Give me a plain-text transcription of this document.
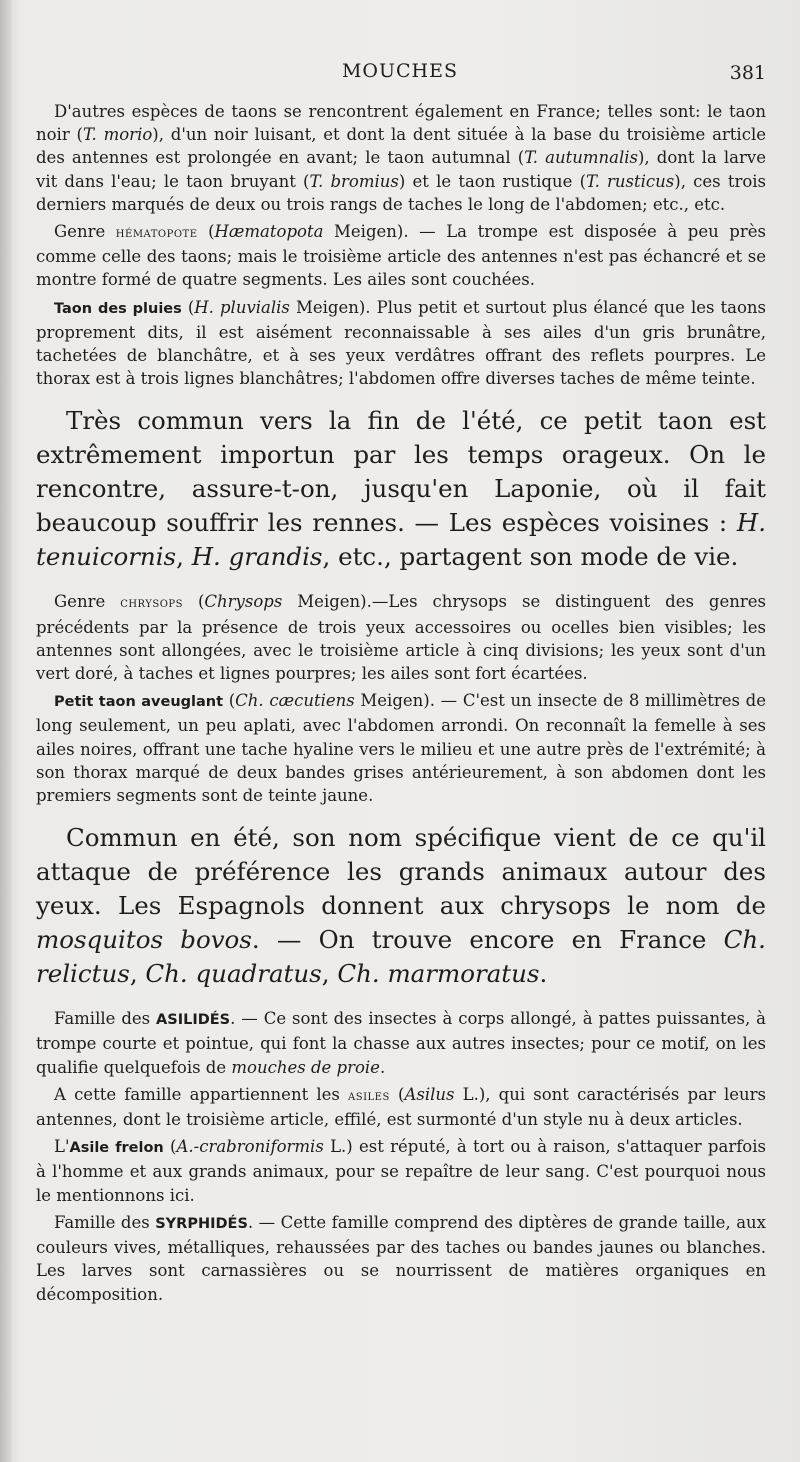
MOUCHES	381

D'autres espèces de taons se rencontrent également en France; telles sont: le taon noir (T. morio), d'un noir luisant, et dont la dent située à la base du troisième article des antennes est prolongée en avant; le taon autumnal (T. autumnalis), dont la larve vit dans l'eau; le taon bruyant (T. bromius) et le taon rustique (T. rusticus), ces trois derniers marqués de deux ou trois rangs de taches le long de l'abdomen; etc., etc.

Genre hématopote (Hæmatopota Meigen). — La trompe est disposée à peu près comme celle des taons; mais le troisième article des antennes n'est pas échancré et se montre formé de quatre segments. Les ailes sont couchées.

Taon des pluies (H. pluvialis Meigen). Plus petit et surtout plus élancé que les taons proprement dits, il est aisément reconnaissable à ses ailes d'un gris brunâtre, tachetées de blanchâtre, et à ses yeux verdâtres offrant des reflets pourpres. Le thorax est à trois lignes blanchâtres; l'abdomen offre diverses taches de même teinte.

Très commun vers la fin de l'été, ce petit taon est extrêmement importun par les temps orageux. On le rencontre, assure-t-on, jusqu'en Laponie, où il fait beaucoup souffrir les rennes. — Les espèces voisines : H. tenuicornis, H. grandis, etc., partagent son mode de vie.

Genre chrysops (Chrysops Meigen).—Les chrysops se distinguent des genres précédents par la présence de trois yeux accessoires ou ocelles bien visibles; les antennes sont allongées, avec le troisième article à cinq divisions; les yeux sont d'un vert doré, à taches et lignes pourpres; les ailes sont fort écartées.

Petit taon aveuglant (Ch. cæcutiens Meigen). — C'est un insecte de 8 millimètres de long seulement, un peu aplati, avec l'abdomen arrondi. On reconnaît la femelle à ses ailes noires, offrant une tache hyaline vers le milieu et une autre près de l'extrémité; à son thorax marqué de deux bandes grises antérieurement, à son abdomen dont les premiers segments sont de teinte jaune.

Commun en été, son nom spécifique vient de ce qu'il attaque de préférence les grands animaux autour des yeux. Les Espagnols donnent aux chrysops le nom de mosquitos bovos. — On trouve encore en France Ch. relictus, Ch. quadratus, Ch. marmoratus.

Famille des ASILIDÉS. — Ce sont des insectes à corps allongé, à pattes puissantes, à trompe courte et pointue, qui font la chasse aux autres insectes; pour ce motif, on les qualifie quelquefois de mouches de proie.

A cette famille appartiennent les asiles (Asilus L.), qui sont caractérisés par leurs antennes, dont le troisième article, effilé, est surmonté d'un style nu à deux articles.

L'Asile frelon (A.-crabroniformis L.) est réputé, à tort ou à raison, s'attaquer parfois à l'homme et aux grands animaux, pour se repaître de leur sang. C'est pourquoi nous le mentionnons ici.

Famille des SYRPHIDÉS. — Cette famille comprend des diptères de grande taille, aux couleurs vives, métalliques, rehaussées par des taches ou bandes jaunes ou blanches. Les larves sont carnassières ou se nourrissent de matières organiques en décomposition.
